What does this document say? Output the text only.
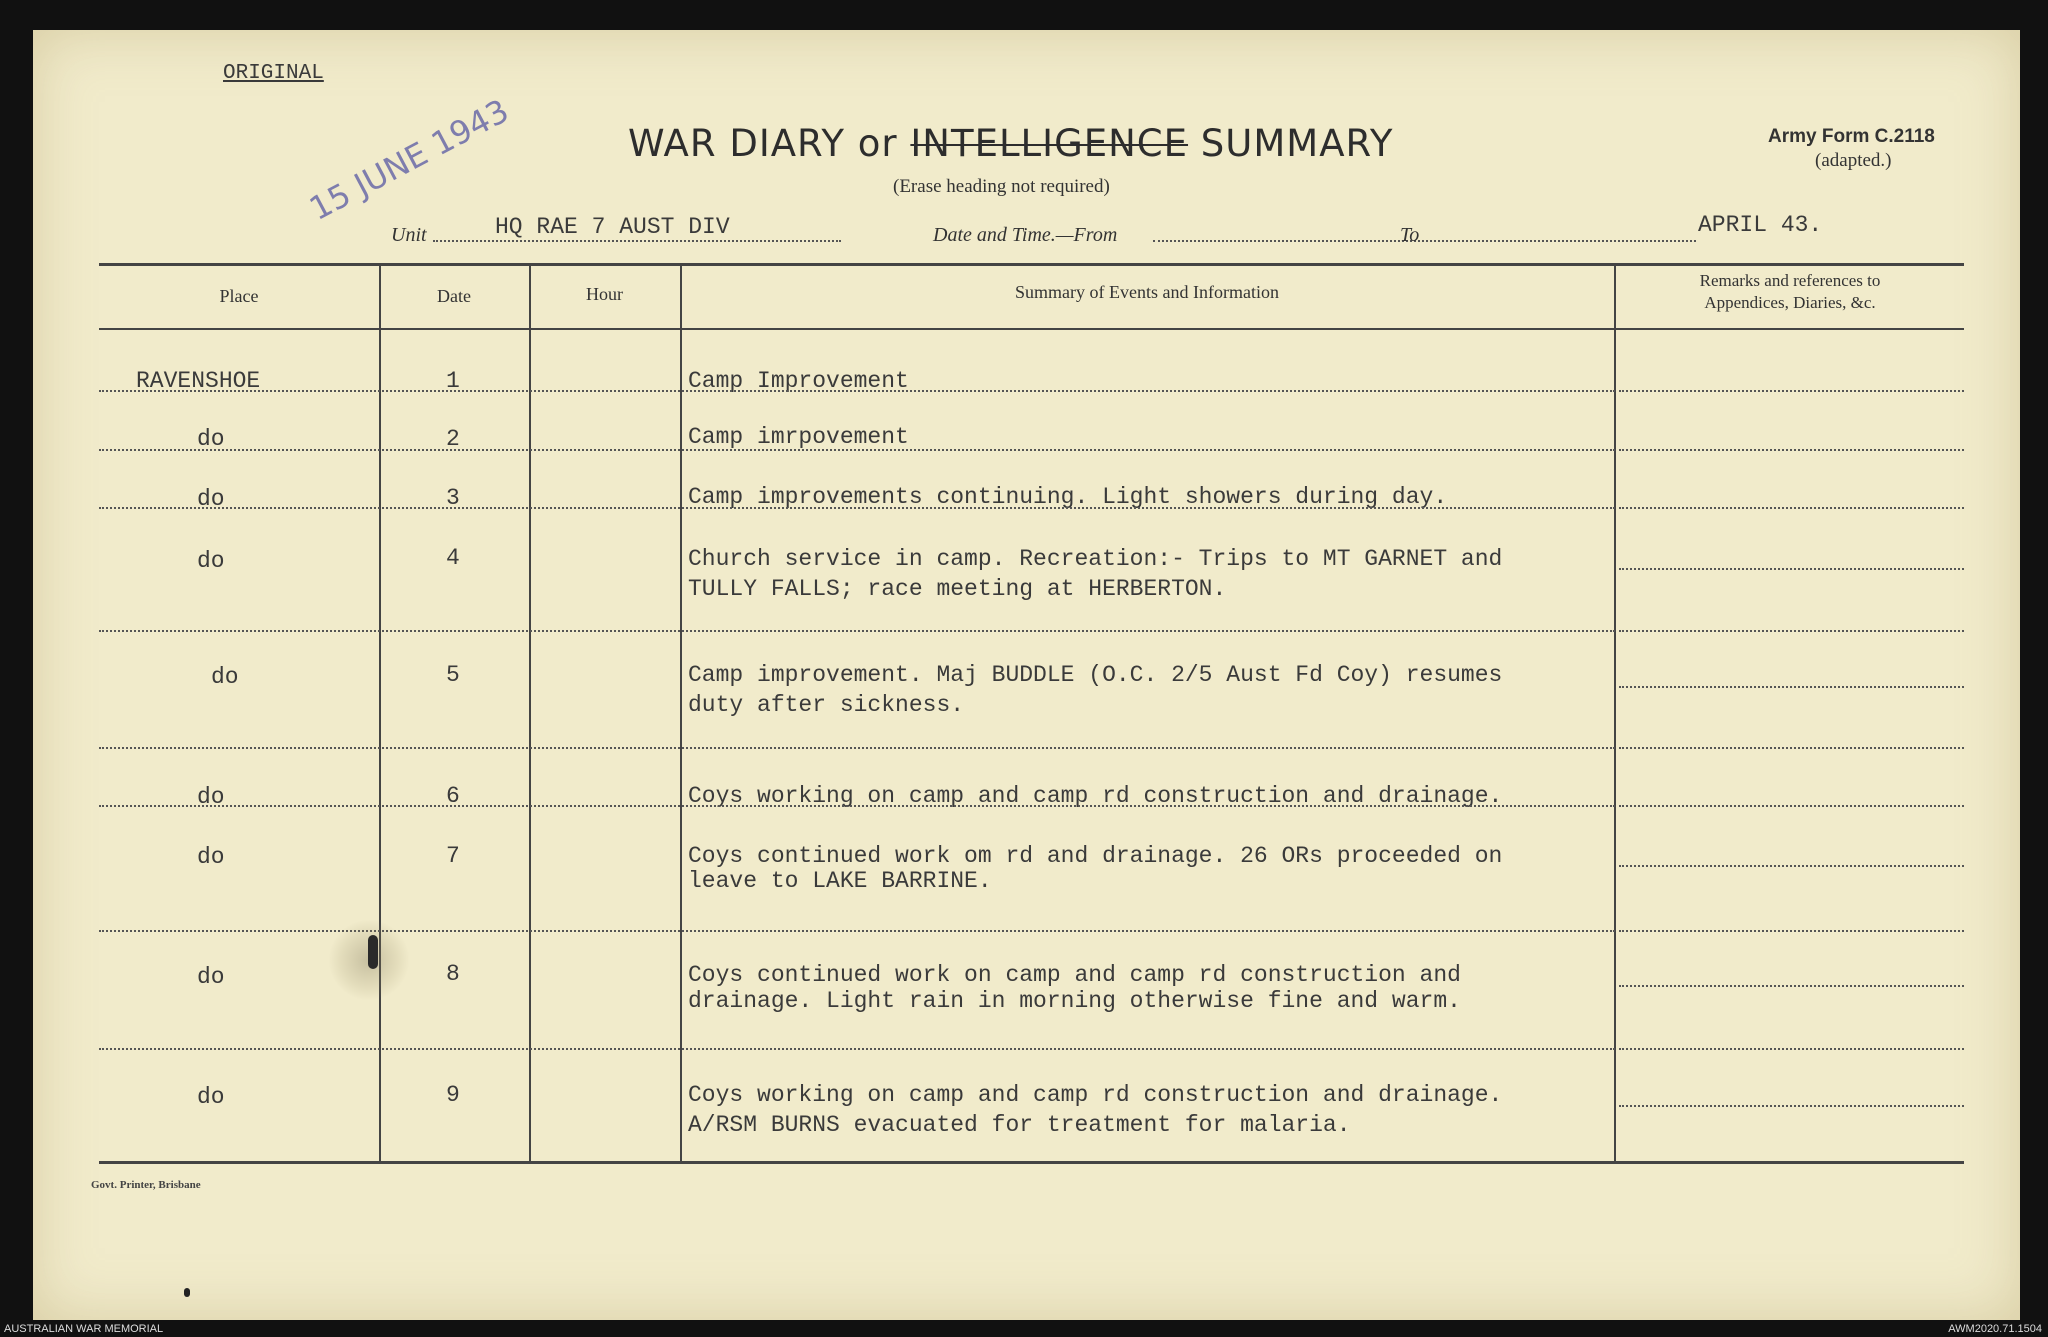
ORIGINAL
15 JUNE 1943	WAR DIARY or INTELLIGENCE SUMMARY
(Erase heading not required)
Army Form C.2118
(adapted.)
Unit	HQ RAE 7 AUST DIV	Date and Time.—From	To	APRIL 43.
Place	Date	Hour	Summary of Events and Information
Remarks and references to Appendices, Diaries, &c.
RAVENSHOE	1	Camp Improvement
do	2	Camp imrpovement
do	3	Camp improvements continuing. Light showers during day.
do	4	Church service in camp. Recreation:- Trips to MT GARNET and
TULLY FALLS; race meeting at HERBERTON.
do	5	Camp improvement. Maj BUDDLE (O.C. 2/5 Aust Fd Coy) resumes
duty after sickness.
do	6	Coys working on camp and camp rd construction and drainage.
do	7	Coys continued work om rd and drainage. 26 ORs proceeded on
leave to LAKE BARRINE.
do	8	Coys continued work on camp and camp rd construction and
drainage. Light rain in morning otherwise fine and warm.
do	9	Coys working on camp and camp rd construction and drainage.
A/RSM BURNS evacuated for treatment for malaria.
Govt. Printer, Brisbane
AUSTRALIAN WAR MEMORIAL	AWM2020.71.1504
